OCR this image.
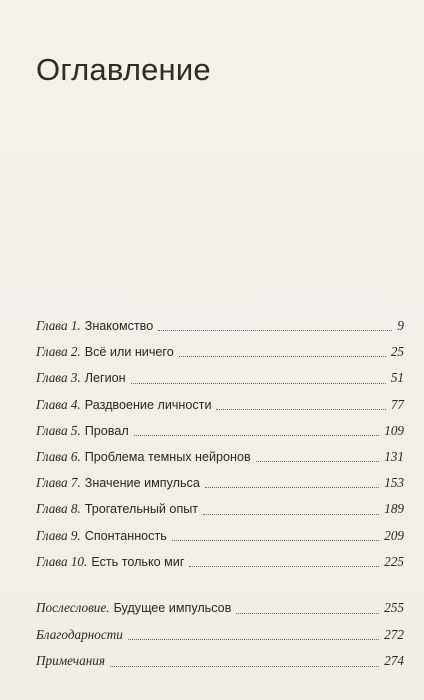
Оглавление
Глава 1. Знакомство	9
Глава 2. Всё или ничего	25
Глава 3. Легион	51
Глава 4. Раздвоение личности	77
Глава 5. Провал	109
Глава 6. Проблема темных нейронов	131
Глава 7. Значение импульса	153
Глава 8. Трогательный опыт	189
Глава 9. Спонтанность	209
Глава 10. Есть только миг	225
Послесловие. Будущее импульсов	255
Благодарности	272
Примечания	274
